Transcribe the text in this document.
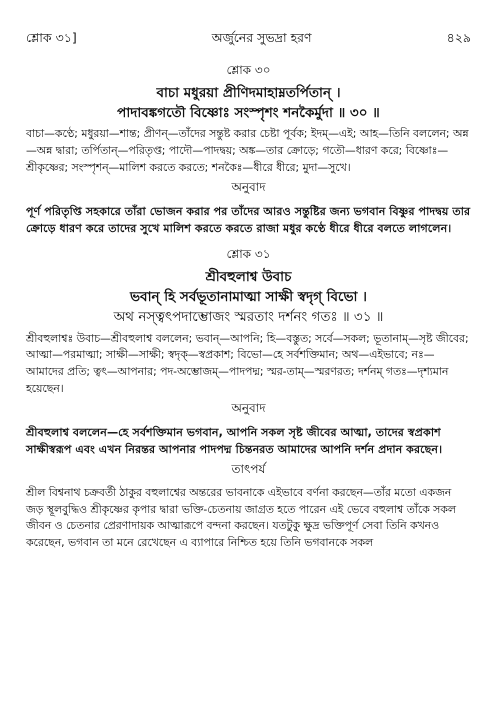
শ্লোক ৩১]	অর্জুনের সুভদ্রা হরণ	৪২৯
শ্লোক ৩০
বাচা মধুরয়া প্রীণিদমাহাম্নতর্পিতান্ ।
পাদাবঙ্কগতৌ বিষ্ণোঃ সংস্পৃশং শনকৈর্মুদা ॥ ৩০ ॥

বাচা—কণ্ঠে; মধুরয়া—শান্ত; প্রীণন্—তাঁদের সন্তুষ্ট করার চেষ্টা পূর্বক; ইদম্—এই; আহ—তিনি বললেন; অন্ন—অন্ন দ্বারা; তর্পিতান্—পরিতৃপ্ত; পাদৌ—পাদদ্বয়; অঙ্ক—তার ক্রোড়ে; গতৌ—ধারণ করে; বিষ্ণোঃ—শ্রীকৃষ্ণের; সংস্পৃশন্—মালিশ করতে করতে; শনকৈঃ—ধীরে ধীরে; মুদা—সুখে।

অনুবাদ

পূর্ণ পরিতৃপ্তি সহকারে তাঁরা ভোজন করার পর তাঁদের আরও সন্তুষ্টির জন্য ভগবান বিষ্ণুর পাদদ্বয় তার ক্রোড়ে ধারণ করে তাদের সুখে মালিশ করতে করতে রাজা মধুর কণ্ঠে ধীরে ধীরে বলতে লাগলেন।

শ্লোক ৩১
শ্রীবহুলাশ্ব উবাচ
ভবান্ হি সর্বভূতানামাত্মা সাক্ষী স্বদৃগ্ বিভো ।
অথ নস্ত্বৎপদাম্ভোজং স্মরতাং দর্শনং গতঃ ॥ ৩১ ॥

শ্রীবহুলাশ্বঃ উবাচ—শ্রীবহুলাশ্ব বললেন; ভবান্—আপনি; হি—বস্তুত; সর্বে—সকল; ভূতানাম্—সৃষ্ট জীবের; আত্মা—পরমাত্মা; সাক্ষী—সাক্ষী; স্বদৃক্—স্বপ্রকাশ; বিভো—হে সর্বশক্তিমান; অথ—এইভাবে; নঃ—আমাদের প্রতি; ত্বৎ—আপনার; পদ-অম্ভোজম্—পাদপদ্ম; স্মর-তাম্—স্মরণরত; দর্শনম্ গতঃ—দৃশ্যমান হয়েছেন।

অনুবাদ

শ্রীবহুলাশ্ব বললেন—হে সর্বশক্তিমান ভগবান, আপনি সকল সৃষ্ট জীবের আত্মা, তাদের স্বপ্রকাশ সাক্ষীস্বরূপ এবং এখন নিরন্তর আপনার পাদপদ্ম চিন্তনরত আমাদের আপনি দর্শন প্রদান করছেন।

তাৎপর্য

শ্রীল বিশ্বনাথ চক্রবর্তী ঠাকুর বহুলাশ্বের অন্তরের ভাবনাকে এইভাবে বর্ণনা করছেন—তাঁর মতো একজন জড় স্থূলবুদ্ধিও শ্রীকৃষ্ণের কৃপার দ্বারা ভক্তি-চেতনায় জাগ্রত হতে পারেন এই ভেবে বহুলাশ্ব তাঁকে সকল জীবন ও চেতনার প্রেরণাদায়ক আত্মারূপে বন্দনা করছেন। যতটুকু ক্ষুদ্র ভক্তিপূর্ণ সেবা তিনি কখনও করেছেন, ভগবান তা মনে রেখেছেন এ ব্যাপারে নিশ্চিত হয়ে তিনি ভগবানকে সকল
